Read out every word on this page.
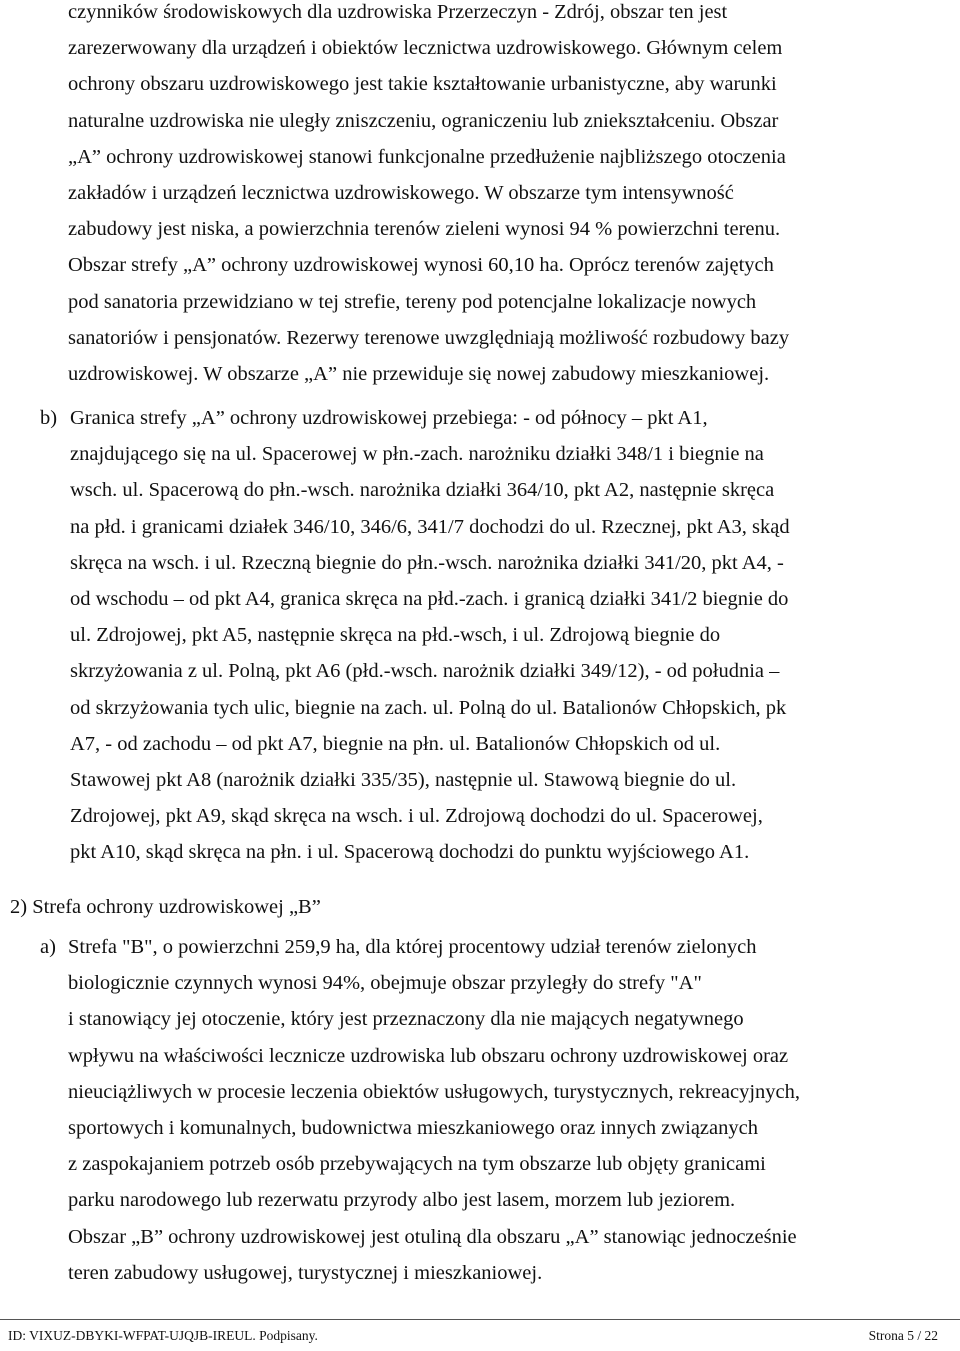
czynników środowiskowych dla uzdrowiska Przerzeczyn - Zdrój, obszar ten jest
zarezerwowany dla urządzeń i obiektów lecznictwa uzdrowiskowego. Głównym celem
ochrony obszaru uzdrowiskowego jest takie kształtowanie urbanistyczne, aby warunki
naturalne uzdrowiska nie uległy zniszczeniu, ograniczeniu lub zniekształceniu. Obszar
„A” ochrony uzdrowiskowej stanowi funkcjonalne przedłużenie najbliższego otoczenia
zakładów i urządzeń lecznictwa uzdrowiskowego. W obszarze tym intensywność
zabudowy jest niska, a powierzchnia terenów zieleni wynosi 94 % powierzchni terenu.
Obszar strefy „A” ochrony uzdrowiskowej wynosi 60,10 ha. Oprócz terenów zajętych
pod sanatoria przewidziano w tej strefie, tereny pod potencjalne lokalizacje nowych
sanatoriów i pensjonatów. Rezerwy terenowe uwzględniają możliwość rozbudowy bazy
uzdrowiskowej. W obszarze „A” nie przewiduje się nowej zabudowy mieszkaniowej.
b) Granica strefy „A” ochrony uzdrowiskowej przebiega: - od północy – pkt A1,
znajdującego się na ul. Spacerowej w płn.-zach. narożniku działki 348/1 i biegnie na
wsch. ul. Spacerową do płn.-wsch. narożnika działki 364/10, pkt A2, następnie skręca
na płd. i granicami działek 346/10, 346/6, 341/7 dochodzi do ul. Rzecznej, pkt A3, skąd
skręca na wsch. i ul. Rzeczną biegnie do płn.-wsch. narożnika działki 341/20, pkt A4, -
od wschodu – od pkt A4, granica skręca na płd.-zach. i granicą działki 341/2 biegnie do
ul. Zdrojowej, pkt A5, następnie skręca na płd.-wsch, i ul. Zdrojową biegnie do
skrzyżowania z ul. Polną, pkt A6 (płd.-wsch. narożnik działki 349/12), - od południa –
od skrzyżowania tych ulic, biegnie na zach. ul. Polną do ul. Batalionów Chłopskich, pk
A7, - od zachodu – od pkt A7, biegnie na płn. ul. Batalionów Chłopskich od ul.
Stawowej pkt A8 (narożnik działki 335/35), następnie ul. Stawową biegnie do ul.
Zdrojowej, pkt A9, skąd skręca na wsch. i ul. Zdrojową dochodzi do ul. Spacerowej,
pkt A10, skąd skręca na płn. i ul. Spacerową dochodzi do punktu wyjściowego A1.
2) Strefa ochrony uzdrowiskowej „B”
a) Strefa "B", o powierzchni 259,9 ha, dla której procentowy udział terenów zielonych
biologicznie czynnych wynosi 94%, obejmuje obszar przyległy do strefy "A"
i stanowiący jej otoczenie, który jest przeznaczony dla nie mających negatywnego
wpływu na właściwości lecznicze uzdrowiska lub obszaru ochrony uzdrowiskowej oraz
nieuciążliwych w procesie leczenia obiektów usługowych, turystycznych, rekreacyjnych,
sportowych i komunalnych, budownictwa mieszkaniowego oraz innych związanych
z zaspokajaniem potrzeb osób przebywających na tym obszarze lub objęty granicami
parku narodowego lub rezerwatu przyrody albo jest lasem, morzem lub jeziorem.
Obszar „B” ochrony uzdrowiskowej jest otuliną dla obszaru „A” stanowiąc jednocześnie
teren zabudowy usługowej, turystycznej i mieszkaniowej.
ID: VIXUZ-DBYKI-WFPAT-UJQJB-IREUL. Podpisany.	Strona 5 / 22
